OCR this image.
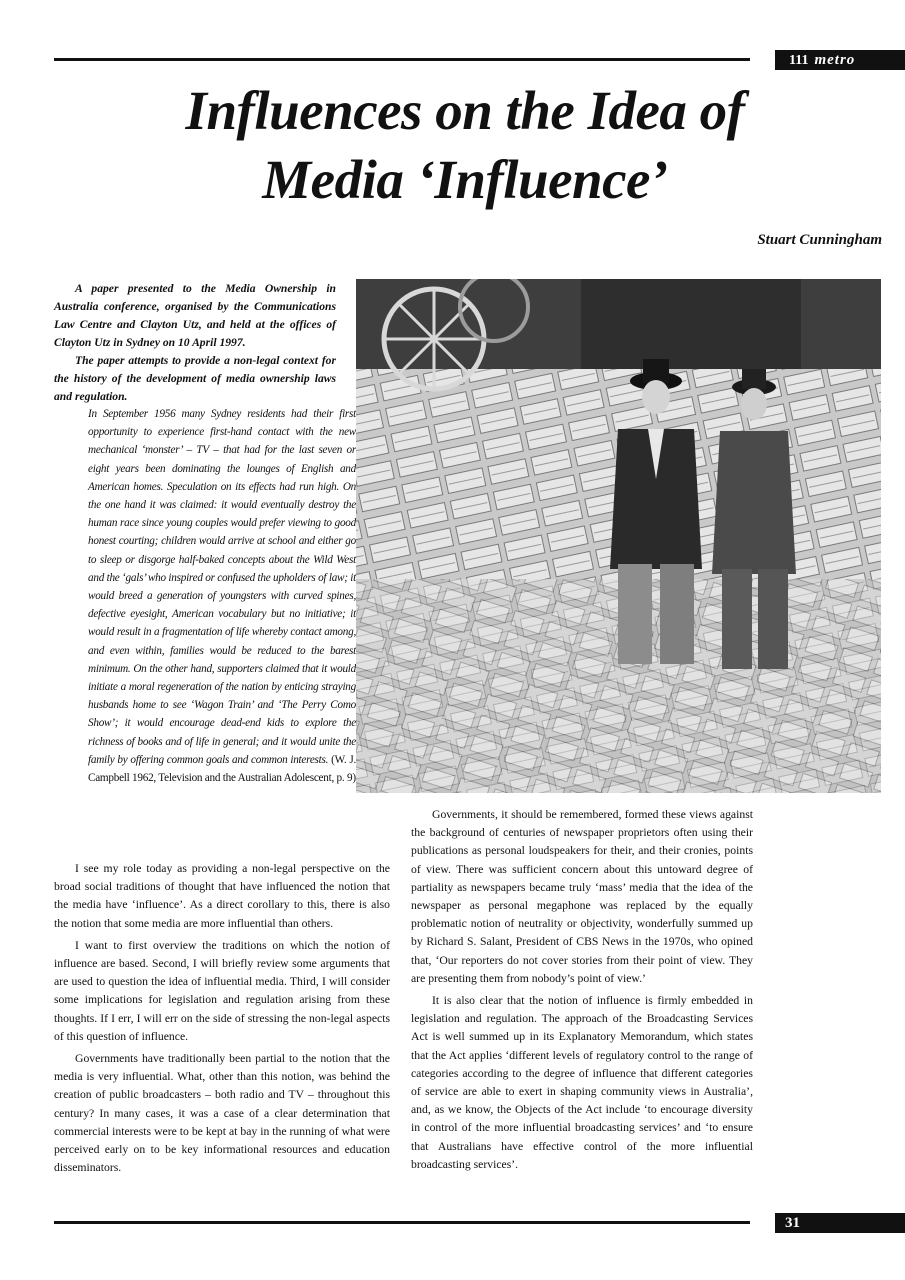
111 metro
Influences on the Idea of
Media ‘Influence’

Stuart Cunningham

A paper presented to the Media Ownership in Australia conference, organised by the Communications Law Centre and Clayton Utz, and held at the offices of Clayton Utz in Sydney on 10 April 1997.

The paper attempts to provide a non-legal context for the history of the development of media ownership laws and regulation.

In September 1956 many Sydney residents had their first opportunity to experience first-hand contact with the new mechanical ‘monster’ – TV – that had for the last seven or eight years been dominating the lounges of English and American homes. Speculation on its effects had run high. On the one hand it was claimed: it would eventually destroy the human race since young couples would prefer viewing to good honest courting; children would arrive at school and either go to sleep or disgorge half-baked concepts about the Wild West and the ‘gals’ who inspired or confused the upholders of law; it would breed a generation of youngsters with curved spines, defective eyesight, American vocabulary but no initiative; it would result in a fragmentation of life whereby contact among, and even within, families would be reduced to the barest minimum. On the other hand, supporters claimed that it would initiate a moral regeneration of the nation by enticing straying husbands home to see ‘Wagon Train’ and ‘The Perry Como Show’; it would encourage dead-end kids to explore the richness of books and of life in general; and it would unite the family by offering common goals and common interests. (W. J. Campbell 1962, Television and the Australian Adolescent, p. 9)

I see my role today as providing a non-legal perspective on the broad social traditions of thought that have influenced the notion that the media have ‘influence’. As a direct corollary to this, there is also the notion that some media are more influential than others.

I want to first overview the traditions on which the notion of influence are based. Second, I will briefly review some arguments that are used to question the idea of influential media. Third, I will consider some implications for legislation and regulation arising from these thoughts. If I err, I will err on the side of stressing the non-legal aspects of this question of influence.

Governments have traditionally been partial to the notion that the media is very influential. What, other than this notion, was behind the creation of public broadcasters – both radio and TV – throughout this century? In many cases, it was a case of a clear determination that commercial interests were to be kept at bay in the running of what were perceived early on to be key informational resources and education disseminators.

Governments, it should be remembered, formed these views against the background of centuries of newspaper proprietors often using their publications as personal loudspeakers for their, and their cronies, points of view. There was sufficient concern about this untoward degree of partiality as newspapers became truly ‘mass’ media that the idea of the newspaper as personal megaphone was replaced by the equally problematic notion of neutrality or objectivity, wonderfully summed up by Richard S. Salant, President of CBS News in the 1970s, who opined that, ‘Our reporters do not cover stories from their point of view. They are presenting them from nobody’s point of view.’

It is also clear that the notion of influence is firmly embedded in legislation and regulation. The approach of the Broadcasting Services Act is well summed up in its Explanatory Memorandum, which states that the Act applies ‘different levels of regulatory control to the range of categories according to the degree of influence that different categories of service are able to exert in shaping community views in Australia’, and, as we know, the Objects of the Act include ‘to encourage diversity in control of the more influential broadcasting services’ and ‘to ensure that Australians have effective control of the more influential broadcasting services’.

31
